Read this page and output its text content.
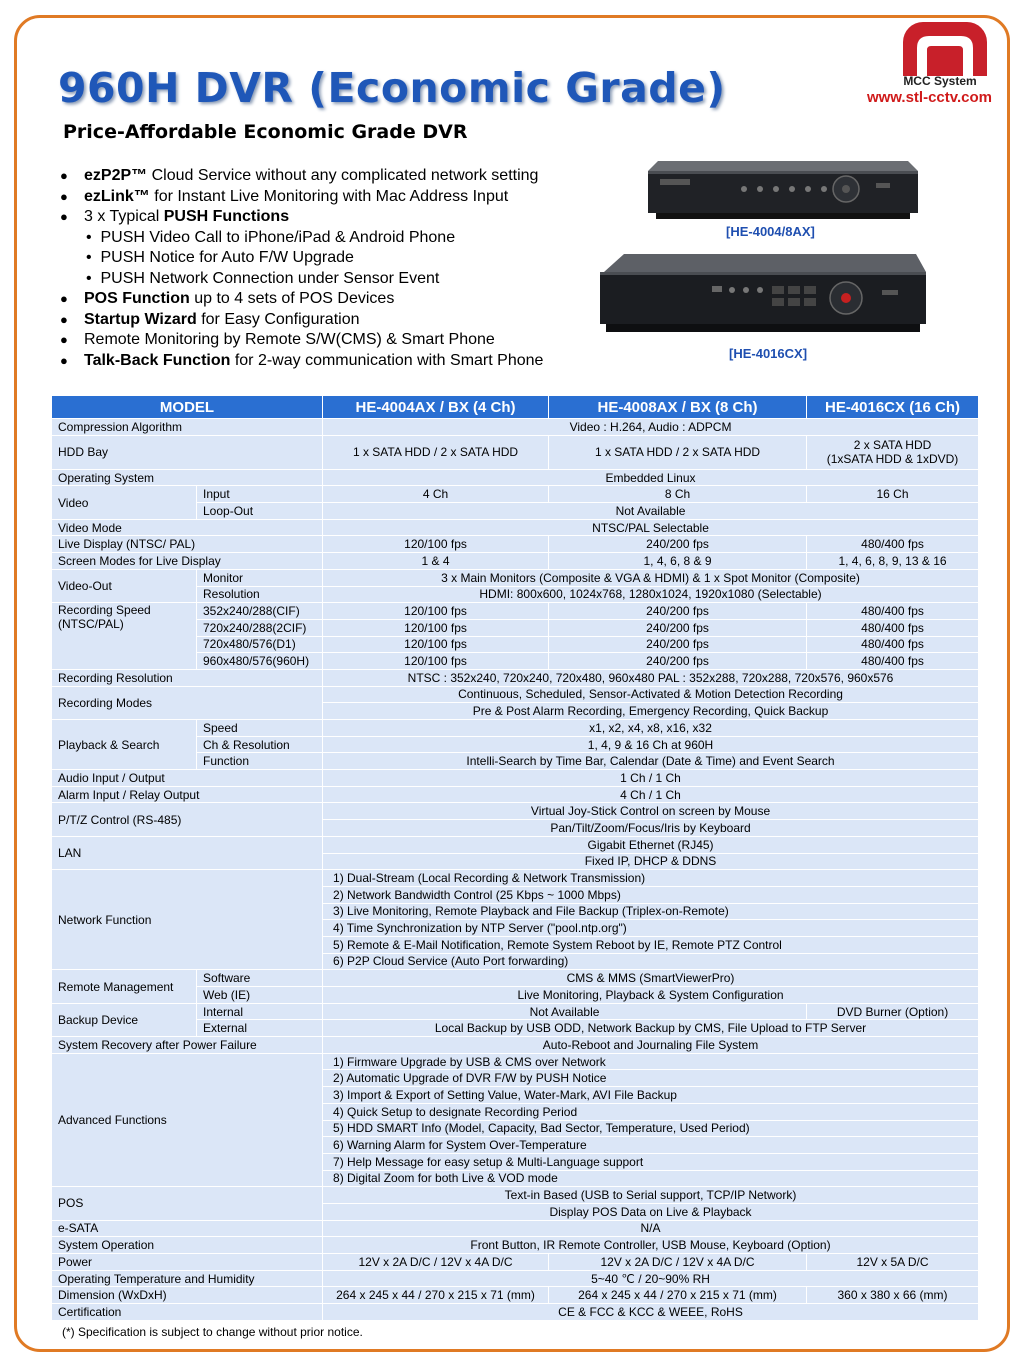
960H DVR (Economic Grade)
Price-Affordable Economic Grade DVR
MCC System
www.stl-cctv.com
● ezP2P™ Cloud Service without any complicated network setting
● ezLink™ for Instant Live Monitoring with Mac Address Input
● 3 x Typical PUSH Functions
•  PUSH Video Call to iPhone/iPad & Android Phone
•  PUSH Notice for Auto F/W Upgrade
•  PUSH Network Connection under Sensor Event
● POS Function up to 4 sets of POS Devices
● Startup Wizard for Easy Configuration
● Remote Monitoring by Remote S/W(CMS) & Smart Phone
● Talk-Back Function for 2-way communication with Smart Phone
[HE-4004/8AX]
[HE-4016CX]
MODEL		HE-4004AX / BX (4 Ch)	HE-4008AX / BX (8 Ch)	HE-4016CX (16 Ch)
Compression Algorithm		Video : H.264, Audio : ADPCM		
HDD Bay		1 x SATA HDD / 2 x SATA HDD	1 x SATA HDD / 2 x SATA HDD	2 x SATA HDD
(1xSATA HDD & 1xDVD)
Operating System		Embedded Linux		
Video	Input	4 Ch	8 Ch	16 Ch
	Loop-Out	Not Available		
Video Mode		NTSC/PAL Selectable		
Live Display (NTSC/ PAL)		120/100 fps	240/200 fps	480/400 fps
Screen Modes for Live Display		1 & 4	1, 4, 6, 8 & 9	1, 4, 6, 8, 9, 13 & 16
Video-Out	Monitor	3 x Main Monitors (Composite & VGA & HDMI) & 1 x Spot Monitor (Composite)		
	Resolution	HDMI: 800x600, 1024x768, 1280x1024, 1920x1080 (Selectable)		
Recording Speed
(NTSC/PAL)	352x240/288(CIF)	120/100 fps	240/200 fps	480/400 fps
	720x240/288(2CIF)	120/100 fps	240/200 fps	480/400 fps
	720x480/576(D1)	120/100 fps	240/200 fps	480/400 fps
	960x480/576(960H)	120/100 fps	240/200 fps	480/400 fps
Recording Resolution		NTSC : 352x240, 720x240, 720x480, 960x480 PAL : 352x288, 720x288, 720x576, 960x576		
Recording Modes		Continuous, Scheduled, Sensor-Activated & Motion Detection Recording		
		Pre & Post Alarm Recording, Emergency Recording, Quick Backup		
Playback & Search	Speed	x1, x2, x4, x8, x16, x32		
	Ch & Resolution	1, 4, 9 & 16 Ch at 960H		
	Function	Intelli-Search by Time Bar, Calendar (Date & Time) and Event Search		
Audio Input / Output		1 Ch / 1 Ch		
Alarm Input / Relay Output		4 Ch / 1 Ch		
P/T/Z Control (RS-485)		Virtual Joy-Stick Control on screen by Mouse		
		Pan/Tilt/Zoom/Focus/Iris by Keyboard		
LAN		Gigabit Ethernet (RJ45)		
		Fixed IP, DHCP & DDNS		
Network Function		1) Dual-Stream (Local Recording & Network Transmission)		
		2) Network Bandwidth Control (25 Kbps ~ 1000 Mbps)		
		3) Live Monitoring, Remote Playback and File Backup (Triplex-on-Remote)		
		4) Time Synchronization by NTP Server ("pool.ntp.org")		
		5) Remote & E-Mail Notification, Remote System Reboot by IE, Remote PTZ Control		
		6) P2P Cloud Service (Auto Port forwarding)		
Remote Management	Software	CMS & MMS (SmartViewerPro)		
	Web (IE)	Live Monitoring, Playback & System Configuration		
Backup Device	Internal	Not Available		DVD Burner (Option)
	External	Local Backup by USB ODD, Network Backup by CMS, File Upload to FTP Server		
System Recovery after Power Failure		Auto-Reboot and Journaling File System		
Advanced Functions		1) Firmware Upgrade by USB & CMS over Network		
		2) Automatic Upgrade of DVR F/W by PUSH Notice		
		3) Import & Export of Setting Value, Water-Mark, AVI File Backup		
		4) Quick Setup to designate Recording Period		
		5) HDD SMART Info (Model, Capacity, Bad Sector, Temperature, Used Period)		
		6) Warning Alarm for System Over-Temperature		
		7) Help Message for easy setup & Multi-Language support		
		8) Digital Zoom for both Live & VOD mode		
POS		Text-in Based (USB to Serial support, TCP/IP Network)		
		Display POS Data on Live & Playback		
e-SATA		N/A		
System Operation		Front Button, IR Remote Controller, USB Mouse, Keyboard (Option)		
Power		12V x 2A D/C / 12V x 4A D/C	12V x 2A D/C / 12V x 4A D/C	12V x 5A D/C
Operating Temperature and Humidity		5~40 ℃ / 20~90% RH		
Dimension (WxDxH)		264 x 245 x 44 / 270 x 215 x 71 (mm)	264 x 245 x 44 / 270 x 215 x 71 (mm)	360 x 380 x 66 (mm)
Certification		CE & FCC & KCC & WEEE, RoHS		
(*) Specification is subject to change without prior notice.
